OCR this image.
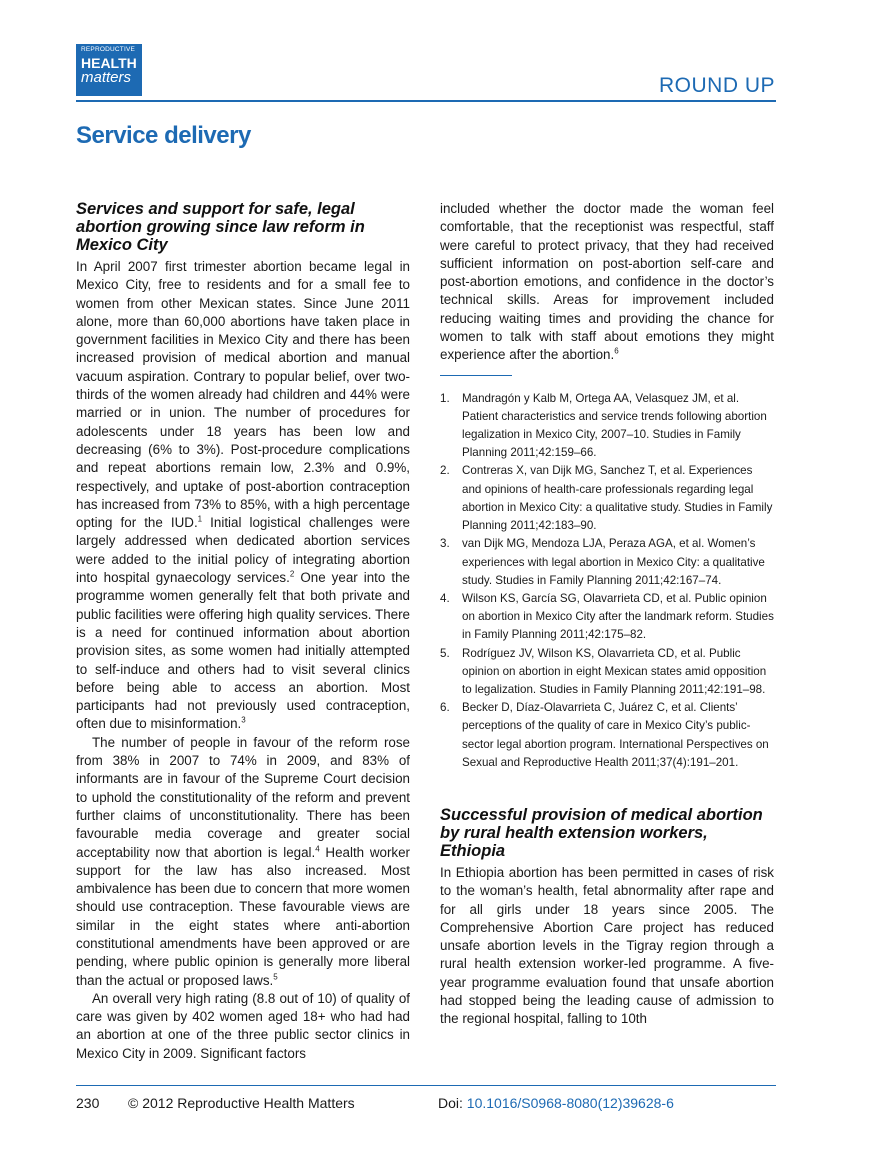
REPRODUCTIVE
HEALTH
matters	ROUND UP
Service delivery
Services and support for safe, legal abortion growing since law reform in Mexico City

In April 2007 first trimester abortion became legal in Mexico City, free to residents and for a small fee to women from other Mexican states. Since June 2011 alone, more than 60,000 abortions have taken place in government facilities in Mexico City and there has been increased provision of medical abortion and manual vacuum aspiration. Contrary to popular belief, over two-thirds of the women already had children and 44% were married or in union. The number of procedures for adolescents under 18 years has been low and decreasing (6% to 3%). Post-procedure complications and repeat abortions remain low, 2.3% and 0.9%, respectively, and uptake of post-abortion contraception has increased from 73% to 85%, with a high percentage opting for the IUD.$^1$ Initial logistical challenges were largely addressed when dedicated abortion services were added to the initial policy of integrating abortion into hospital gynaecology services.$^2$ One year into the programme women generally felt that both private and public facilities were offering high quality services. There is a need for continued information about abortion provision sites, as some women had initially attempted to self-induce and others had to visit several clinics before being able to access an abortion. Most participants had not previously used contraception, often due to misinformation.$^3$

The number of people in favour of the reform rose from 38% in 2007 to 74% in 2009, and 83% of informants are in favour of the Supreme Court decision to uphold the constitutionality of the reform and prevent further claims of unconstitutionality. There has been favourable media coverage and greater social acceptability now that abortion is legal.$^4$ Health worker support for the law has also increased. Most ambivalence has been due to concern that more women should use contraception. These favourable views are similar in the eight states where anti-abortion constitutional amendments have been approved or are pending, where public opinion is generally more liberal than the actual or proposed laws.$^5$

An overall very high rating (8.8 out of 10) of quality of care was given by 402 women aged 18+ who had had an abortion at one of the three public sector clinics in Mexico City in 2009. Significant factors

included whether the doctor made the woman feel comfortable, that the receptionist was respectful, staff were careful to protect privacy, that they had received sufficient information on post-abortion self-care and post-abortion emotions, and confidence in the doctor’s technical skills. Areas for improvement included reducing waiting times and providing the chance for women to talk with staff about emotions they might experience after the abortion.$^6$

1. Mandragón y Kalb M, Ortega AA, Velasquez JM, et al. Patient characteristics and service trends following abortion legalization in Mexico City, 2007–10. Studies in Family Planning 2011;42:159–66.
2. Contreras X, van Dijk MG, Sanchez T, et al. Experiences and opinions of health-care professionals regarding legal abortion in Mexico City: a qualitative study. Studies in Family Planning 2011;42:183–90.
3. van Dijk MG, Mendoza LJA, Peraza AGA, et al. Women’s experiences with legal abortion in Mexico City: a qualitative study. Studies in Family Planning 2011;42:167–74.
4. Wilson KS, García SG, Olavarrieta CD, et al. Public opinion on abortion in Mexico City after the landmark reform. Studies in Family Planning 2011;42:175–82.
5. Rodríguez JV, Wilson KS, Olavarrieta CD, et al. Public opinion on abortion in eight Mexican states amid opposition to legalization. Studies in Family Planning 2011;42:191–98.
6. Becker D, Díaz-Olavarrieta C, Juárez C, et al. Clients’ perceptions of the quality of care in Mexico City’s public-sector legal abortion program. International Perspectives on Sexual and Reproductive Health 2011;37(4):191–201.
Successful provision of medical abortion by rural health extension workers, Ethiopia

In Ethiopia abortion has been permitted in cases of risk to the woman’s health, fetal abnormality after rape and for all girls under 18 years since 2005. The Comprehensive Abortion Care project has reduced unsafe abortion levels in the Tigray region through a rural health extension worker-led programme. A five-year programme evaluation found that unsafe abortion had stopped being the leading cause of admission to the regional hospital, falling to 10th

230 © 2012 Reproductive Health Matters	Doi: 10.1016/S0968-8080(12)39628-6
